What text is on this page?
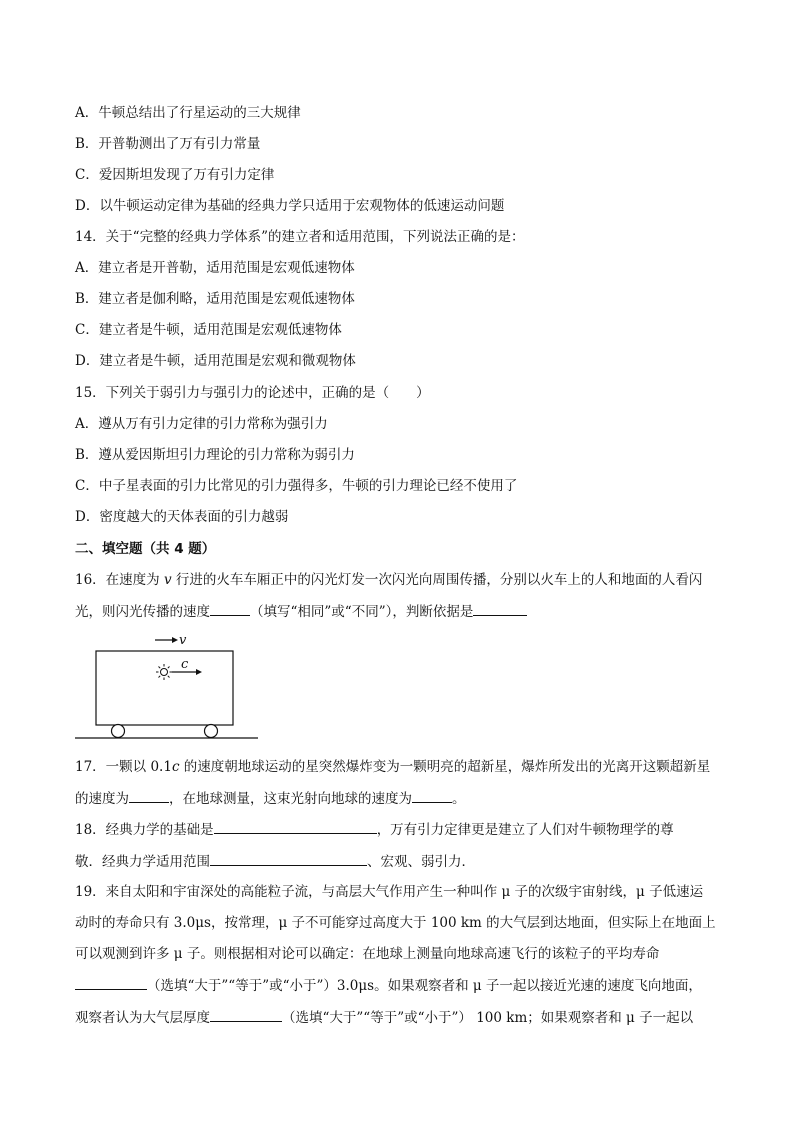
A．牛顿总结出了行星运动的三大规律
B．开普勒测出了万有引力常量
C．爱因斯坦发现了万有引力定律
D．以牛顿运动定律为基础的经典力学只适用于宏观物体的低速运动问题
14．关于“完整的经典力学体系”的建立者和适用范围，下列说法正确的是：
A．建立者是开普勒，适用范围是宏观低速物体
B．建立者是伽利略，适用范围是宏观低速物体
C．建立者是牛顿，适用范围是宏观低速物体
D．建立者是牛顿，适用范围是宏观和微观物体
15．下列关于弱引力与强引力的论述中，正确的是（　　）
A．遵从万有引力定律的引力常称为强引力
B．遵从爱因斯坦引力理论的引力常称为弱引力
C．中子星表面的引力比常见的引力强得多，牛顿的引力理论已经不使用了
D．密度越大的天体表面的引力越弱
二、填空题（共 4 题）
16．在速度为 v 行进的火车车厢正中的闪光灯发一次闪光向周围传播，分别以火车上的人和地面的人看闪
光，则闪光传播的速度	（填写“相同”或“不同”），判断依据是
v
c
17．一颗以 0.1c 的速度朝地球运动的星突然爆炸变为一颗明亮的超新星，爆炸所发出的光离开这颗超新星
的速度为	，在地球测量，这束光射向地球的速度为	。
18．经典力学的基础是	，万有引力定律更是建立了人们对牛顿物理学的尊
敬．经典力学适用范围	、宏观、弱引力．
19．来自太阳和宇宙深处的高能粒子流，与高层大气作用产生一种叫作 μ 子的次级宇宙射线，μ 子低速运
动时的寿命只有 3.0μs，按常理，μ 子不可能穿过高度大于 100 km 的大气层到达地面，但实际上在地面上
可以观测到许多 μ 子。则根据相对论可以确定：在地球上测量向地球高速飞行的该粒子的平均寿命
（选填“大于”“等于”或“小于”）3.0μs。如果观察者和 μ 子一起以接近光速的速度飞向地面，
观察者认为大气层厚度	（选填“大于”“等于”或“小于”） 100 km；如果观察者和 μ 子一起以
